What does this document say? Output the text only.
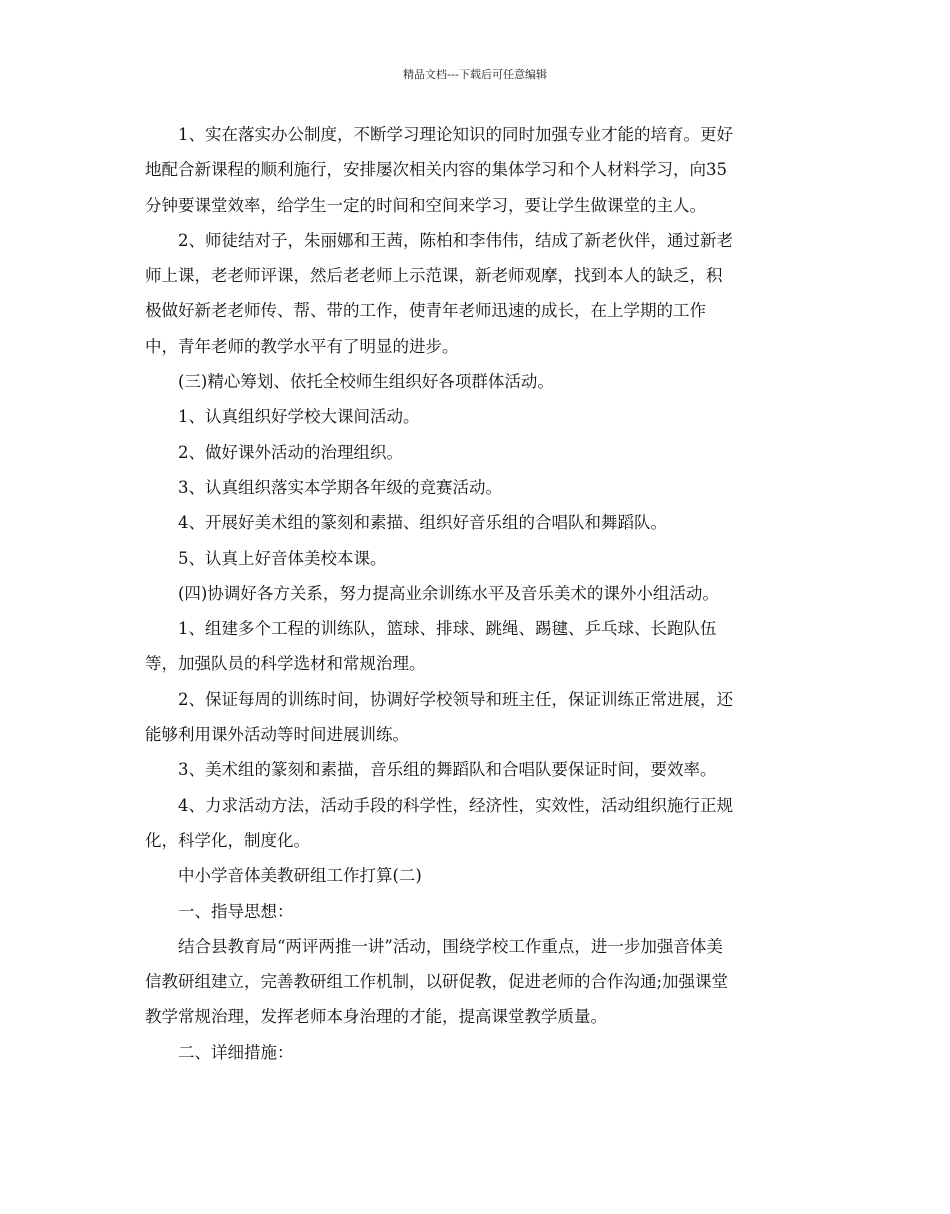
精品文档---下载后可任意编辑
1、实在落实办公制度，不断学习理论知识的同时加强专业才能的培育。更好
地配合新课程的顺利施行，安排屡次相关内容的集体学习和个人材料学习，向35
分钟要课堂效率，给学生一定的时间和空间来学习，要让学生做课堂的主人。
2、师徒结对子，朱丽娜和王茜，陈柏和李伟伟，结成了新老伙伴，通过新老
师上课，老老师评课，然后老老师上示范课，新老师观摩，找到本人的缺乏，积
极做好新老老师传、帮、带的工作，使青年老师迅速的成长，在上学期的工作
中，青年老师的教学水平有了明显的进步。
(三)精心筹划、依托全校师生组织好各项群体活动。
1、认真组织好学校大课间活动。
2、做好课外活动的治理组织。
3、认真组织落实本学期各年级的竞赛活动。
4、开展好美术组的篆刻和素描、组织好音乐组的合唱队和舞蹈队。
5、认真上好音体美校本课。
(四)协调好各方关系，努力提高业余训练水平及音乐美术的课外小组活动。
1、组建多个工程的训练队，篮球、排球、跳绳、踢毽、乒乓球、长跑队伍
等，加强队员的科学选材和常规治理。
2、保证每周的训练时间，协调好学校领导和班主任，保证训练正常进展，还
能够利用课外活动等时间进展训练。
3、美术组的篆刻和素描，音乐组的舞蹈队和合唱队要保证时间，要效率。
4、力求活动方法，活动手段的科学性，经济性，实效性，活动组织施行正规
化，科学化，制度化。
中小学音体美教研组工作打算(二)
一、指导思想：
结合县教育局“两评两推一讲”活动，围绕学校工作重点，进一步加强音体美
信教研组建立，完善教研组工作机制，以研促教，促进老师的合作沟通;加强课堂
教学常规治理，发挥老师本身治理的才能，提高课堂教学质量。
二、详细措施：
